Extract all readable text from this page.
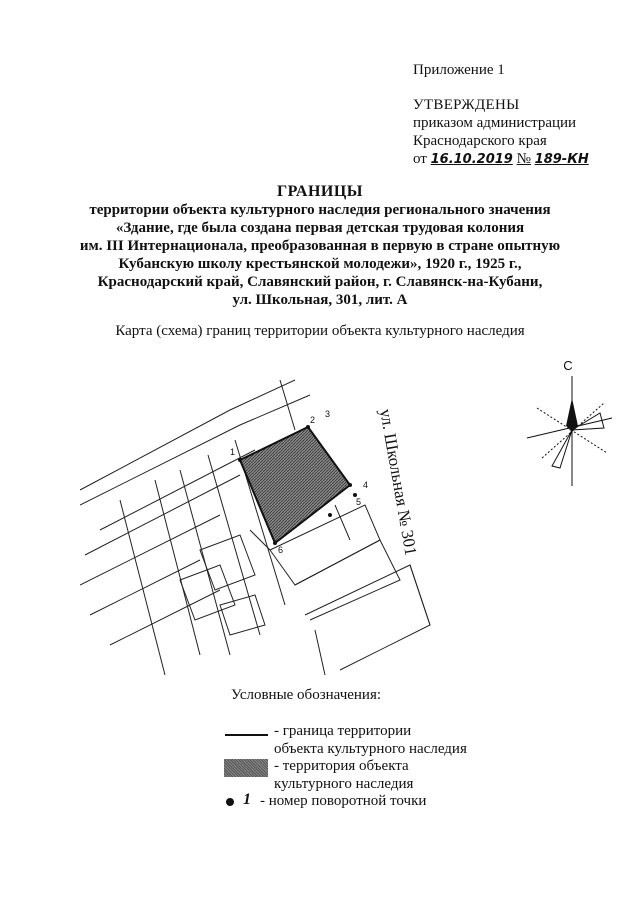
Приложение 1
УТВЕРЖДЕНЫ
приказом администрации
Краснодарского края
от 16.10.2019 № 189-КН
ГРАНИЦЫ
территории объекта культурного наследия регионального значения
«Здание, где была создана первая детская трудовая колония
им. III Интернационала, преобразованная в первую в стране опытную
Кубанскую школу крестьянской молодежи», 1920 г., 1925 г.,
Краснодарский край, Славянский район, г. Славянск-на-Кубани,
ул. Школьная, 301, лит. А
Карта (схема) границ территории объекта культурного наследия
1
2
3
4
5
6	ул. Школьная № 301
С
Условные обозначения:
- граница территории
объекта культурного наследия
- территория объекта
культурного наследия
1 - номер поворотной точки
